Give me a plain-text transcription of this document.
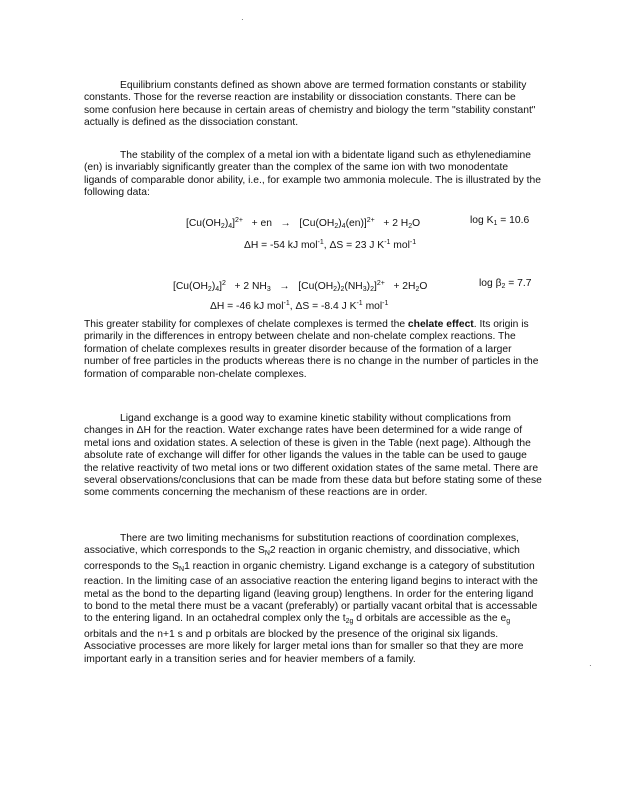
·
·

Equilibrium constants defined as shown above are termed formation constants or stability constants. Those for the reverse reaction are instability or dissociation constants. There can be some confusion here because in certain areas of chemistry and biology the term "stability constant" actually is defined as the dissociation constant.

The stability of the complex of a metal ion with a bidentate ligand such as ethylenediamine (en) is invariably significantly greater than the complex of the same ion with two monodentate ligands of comparable donor ability, i.e., for example two ammonia molecule. The is illustrated by the following data:

$[Cu(OH_2)_4]^{2+}$ + en → $[Cu(OH_2)_4(en)]^{2+} + 2$ $H_2O$	$\log K_1 = 10.6$
ΔH = -54 kJ mol$^{-1}$, ΔS = 23 J $K^{-1}$ mol$^{-1}$
$[Cu(OH_2)_4]^2 + 2$ $NH_3 \to [Cu(OH_2)_2(NH_3)_2]^{2+} + 2H_2O$	$\log \beta_2 = 7.7$
ΔH = -46 kJ mol$^{-1}$, ΔS = -8.4 J $K^{-1}$ mol$^{-1}$

This greater stability for complexes of chelate complexes is termed the chelate effect. Its origin is primarily in the differences in entropy between chelate and non-chelate complex reactions. The formation of chelate complexes results in greater disorder because of the formation of a larger number of free particles in the products whereas there is no change in the number of particles in the formation of comparable non-chelate complexes.

Ligand exchange is a good way to examine kinetic stability without complications from changes in ΔH for the reaction. Water exchange rates have been determined for a wide range of metal ions and oxidation states. A selection of these is given in the Table (next page). Although the absolute rate of exchange will differ for other ligands the values in the table can be used to gauge the relative reactivity of two metal ions or two different oxidation states of the same metal. There are several observations/conclusions that can be made from these data but before stating some of these some comments concerning the mechanism of these reactions are in order.

There are two limiting mechanisms for substitution reactions of coordination complexes, associative, which corresponds to the $S_N2$ reaction in organic chemistry, and dissociative, which corresponds to the $S_N1$ reaction in organic chemistry. Ligand exchange is a category of substitution reaction. In the limiting case of an associative reaction the entering ligand begins to interact with the metal as the bond to the departing ligand (leaving group) lengthens. In order for the entering ligand to bond to the metal there must be a vacant (preferably) or partially vacant orbital that is accessable to the entering ligand. In an octahedral complex only the $t_{2g}$ d orbitals are accessible as the $e_g$ orbitals and the n+1 s and p orbitals are blocked by the presence of the original six ligands. Associative processes are more likely for larger metal ions than for smaller so that they are more important early in a transition series and for heavier members of a family.
